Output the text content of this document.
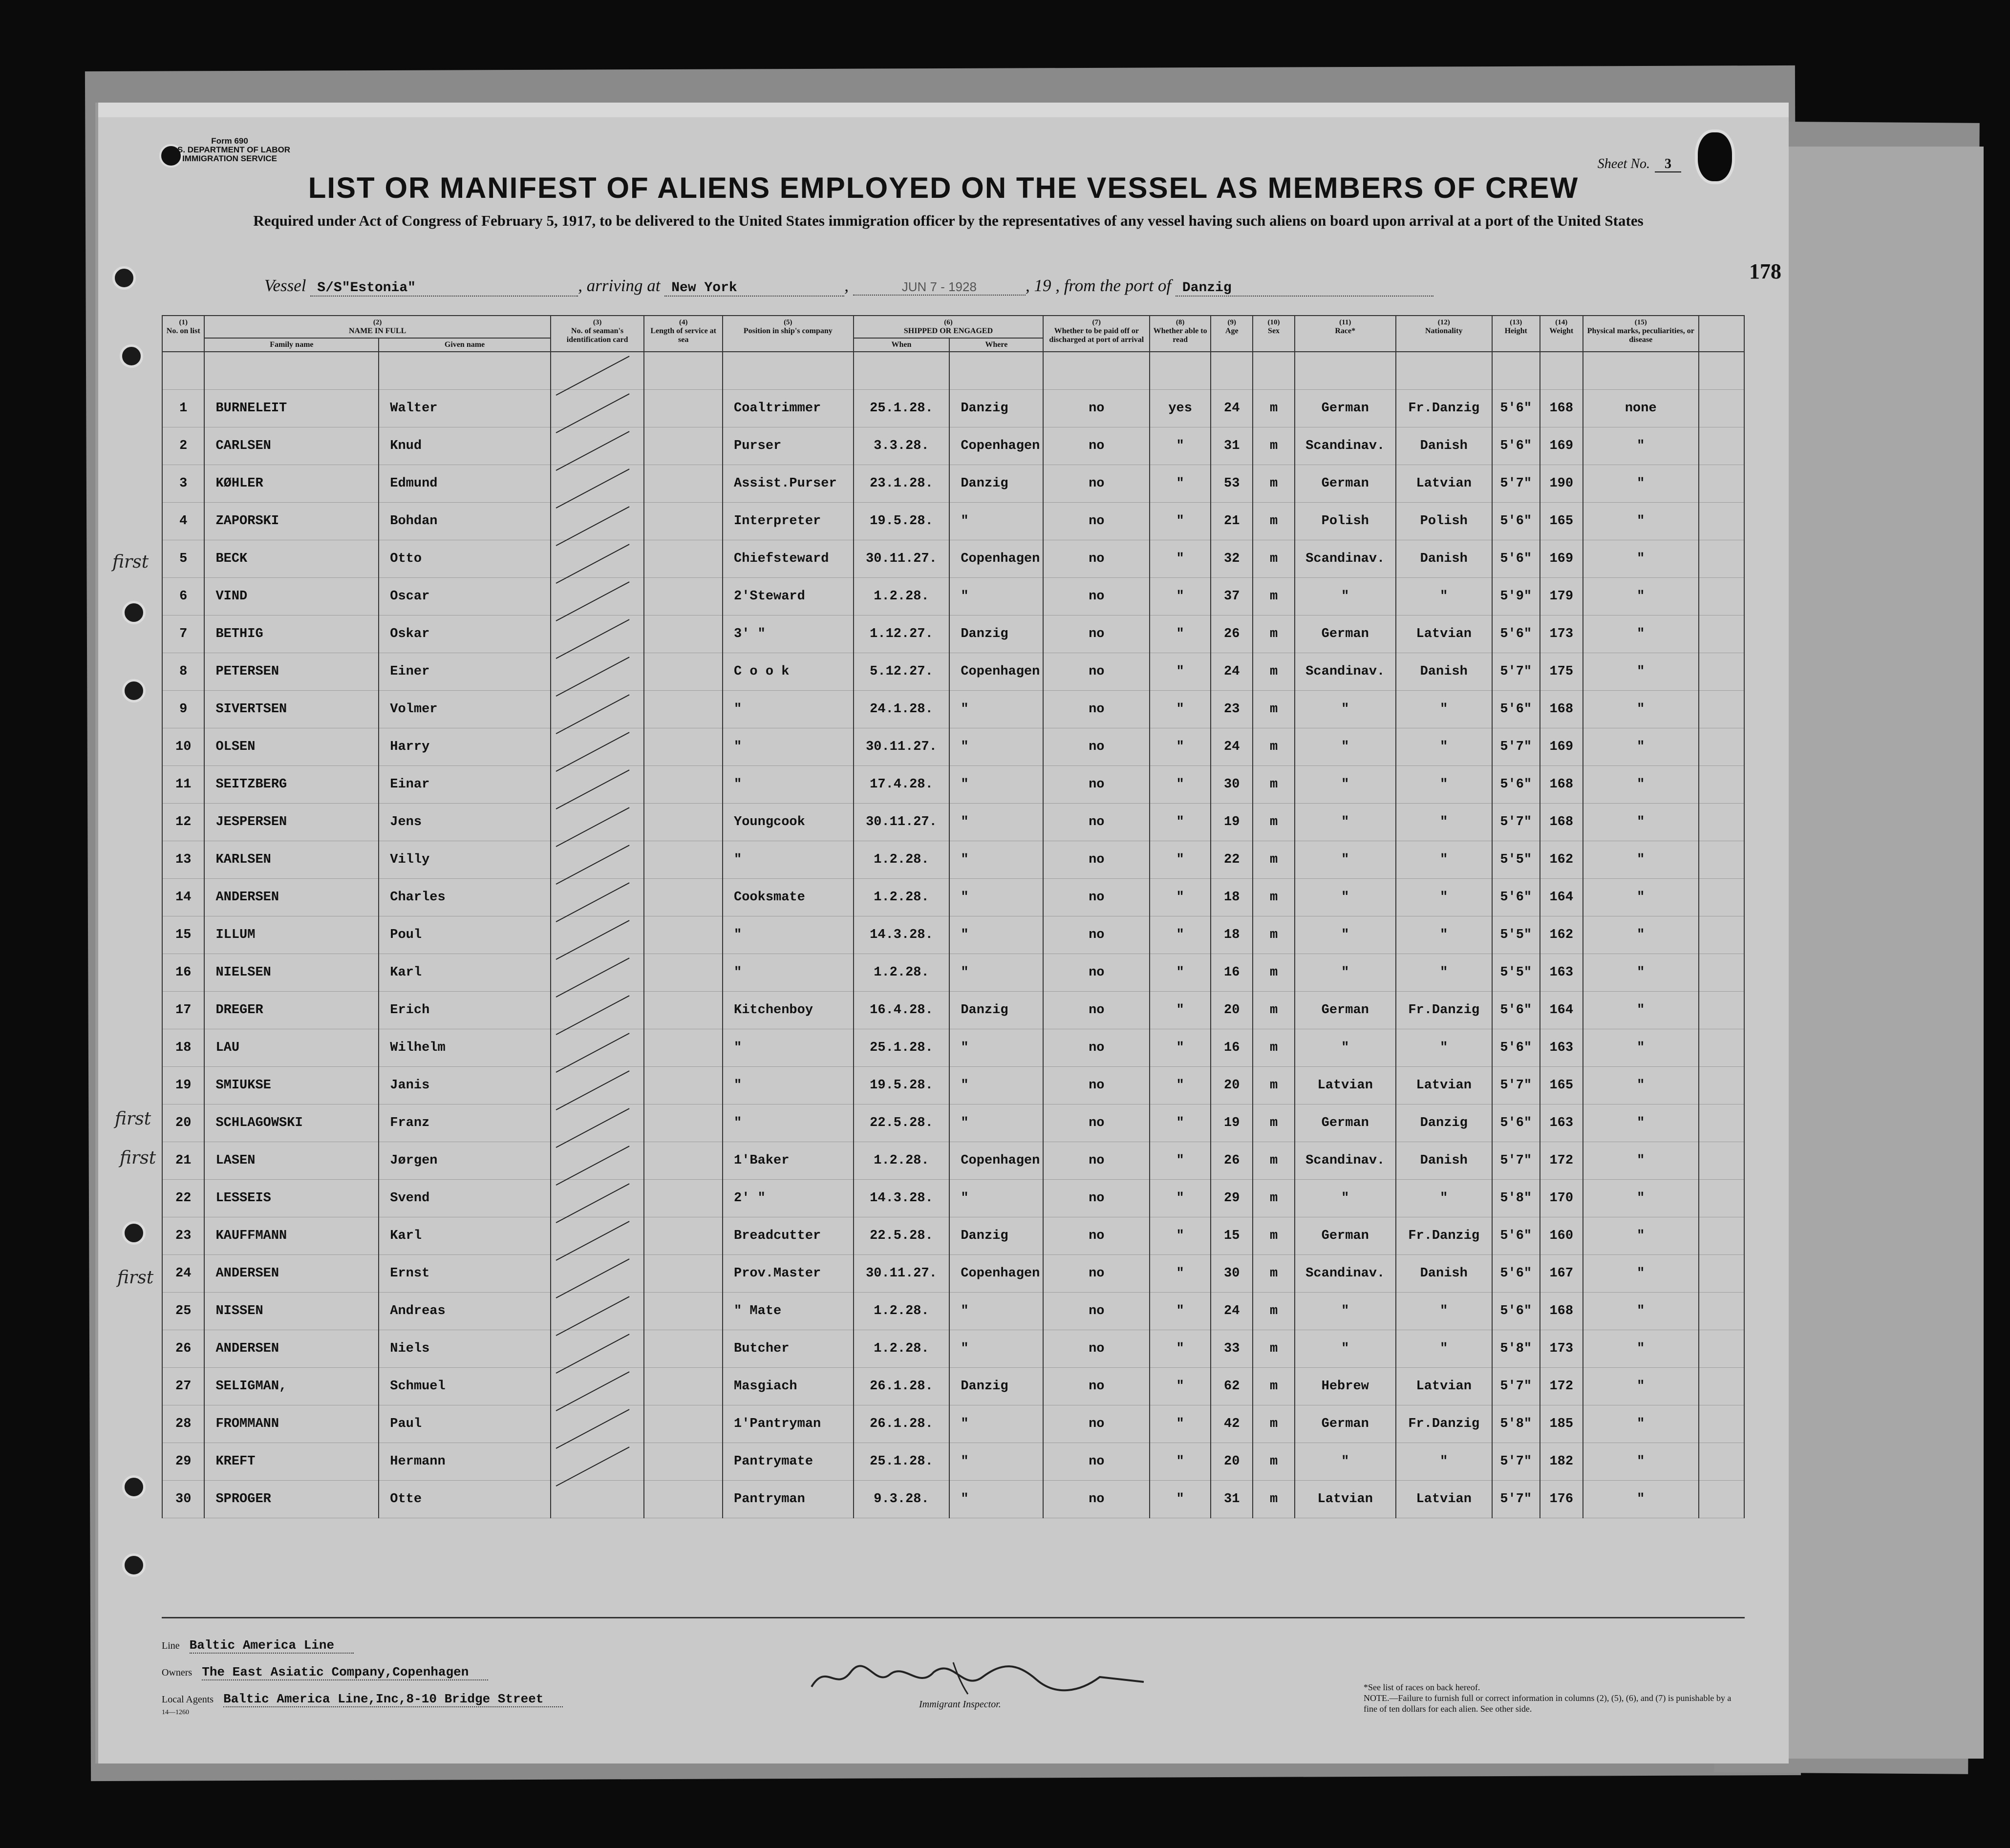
Form 690
U.S. DEPARTMENT OF LABOR
IMMIGRATION SERVICE	Sheet No. 3
LIST OR MANIFEST OF ALIENS EMPLOYED ON THE VESSEL AS MEMBERS OF CREW
Required under Act of Congress of February 5, 1917, to be delivered to the United States immigration officer by the representatives of any vessel having such aliens on board upon arrival at a port of the United States
178
Vessel S/S"Estonia"	, arriving at New York	,	JUN 7 - 1928	, 19 , from the port of Danzig
(1)
No. on list	(2)
NAME IN FULL		(3)
No. of seaman's identification card	(4)
Length of service at sea	(5)
Position in ship's company	(6)
SHIPPED OR ENGAGED		(7)
Whether to be paid off or discharged at port of arrival	(8)
Whether able to read	(9)
Age	(10)
Sex	(11)
Race*	(12)
Nationality	(13)
Height	(14)
Weight	(15)
Physical marks, peculiarities, or disease	
	Family name	Given name				When	Where										

1	BURNELEIT	Walter			Coaltrimmer	25.1.28.	Danzig	no	yes	24	m	German	Fr.Danzig	5'6"	168	none	
2	CARLSEN	Knud			Purser	3.3.28.	Copenhagen	no	"	31	m	Scandinav.	Danish	5'6"	169	"	
3	KØHLER	Edmund			Assist.Purser	23.1.28.	Danzig	no	"	53	m	German	Latvian	5'7"	190	"	
4	ZAPORSKI	Bohdan			Interpreter	19.5.28.	"	no	"	21	m	Polish	Polish	5'6"	165	"	
5	BECK	Otto			Chiefsteward	30.11.27.	Copenhagen	no	"	32	m	Scandinav.	Danish	5'6"	169	"	
6	VIND	Oscar			2'Steward	1.2.28.	"	no	"	37	m	"	"	5'9"	179	"	
7	BETHIG	Oskar			3' "	1.12.27.	Danzig	no	"	26	m	German	Latvian	5'6"	173	"	
8	PETERSEN	Einer			C o o k	5.12.27.	Copenhagen	no	"	24	m	Scandinav.	Danish	5'7"	175	"	
9	SIVERTSEN	Volmer			"	24.1.28.	"	no	"	23	m	"	"	5'6"	168	"	
10	OLSEN	Harry			"	30.11.27.	"	no	"	24	m	"	"	5'7"	169	"	
11	SEITZBERG	Einar			"	17.4.28.	"	no	"	30	m	"	"	5'6"	168	"	
12	JESPERSEN	Jens			Youngcook	30.11.27.	"	no	"	19	m	"	"	5'7"	168	"	
13	KARLSEN	Villy			"	1.2.28.	"	no	"	22	m	"	"	5'5"	162	"	
14	ANDERSEN	Charles			Cooksmate	1.2.28.	"	no	"	18	m	"	"	5'6"	164	"	
15	ILLUM	Poul			"	14.3.28.	"	no	"	18	m	"	"	5'5"	162	"	
16	NIELSEN	Karl			"	1.2.28.	"	no	"	16	m	"	"	5'5"	163	"	
17	DREGER	Erich			Kitchenboy	16.4.28.	Danzig	no	"	20	m	German	Fr.Danzig	5'6"	164	"	
18	LAU	Wilhelm			"	25.1.28.	"	no	"	16	m	"	"	5'6"	163	"	
19	SMIUKSE	Janis			"	19.5.28.	"	no	"	20	m	Latvian	Latvian	5'7"	165	"	
20	SCHLAGOWSKI	Franz			"	22.5.28.	"	no	"	19	m	German	Danzig	5'6"	163	"	
21	LASEN	Jørgen			1'Baker	1.2.28.	Copenhagen	no	"	26	m	Scandinav.	Danish	5'7"	172	"	
22	LESSEIS	Svend			2' "	14.3.28.	"	no	"	29	m	"	"	5'8"	170	"	
23	KAUFFMANN	Karl			Breadcutter	22.5.28.	Danzig	no	"	15	m	German	Fr.Danzig	5'6"	160	"	
24	ANDERSEN	Ernst			Prov.Master	30.11.27.	Copenhagen	no	"	30	m	Scandinav.	Danish	5'6"	167	"	
25	NISSEN	Andreas			" Mate	1.2.28.	"	no	"	24	m	"	"	5'6"	168	"	
26	ANDERSEN	Niels			Butcher	1.2.28.	"	no	"	33	m	"	"	5'8"	173	"	
27	SELIGMAN,	Schmuel			Masgiach	26.1.28.	Danzig	no	"	62	m	Hebrew	Latvian	5'7"	172	"	
28	FROMMANN	Paul			1'Pantryman	26.1.28.	"	no	"	42	m	German	Fr.Danzig	5'8"	185	"	
29	KREFT	Hermann			Pantrymate	25.1.28.	"	no	"	20	m	"	"	5'7"	182	"	
30	SPROGER	Otte			Pantryman	9.3.28.	"	no	"	31	m	Latvian	Latvian	5'7"	176	"	
Line Baltic America Line
Owners The East Asiatic Company,Copenhagen
Local Agents Baltic America Line,Inc,8-10 Bridge Street
14—1260
Immigrant Inspector.
*See list of races on back hereof.
NOTE.—Failure to furnish full or correct information in columns (2), (5), (6), and (7) is punishable by a fine of ten dollars for each alien. See other side.
first
first
first
first
